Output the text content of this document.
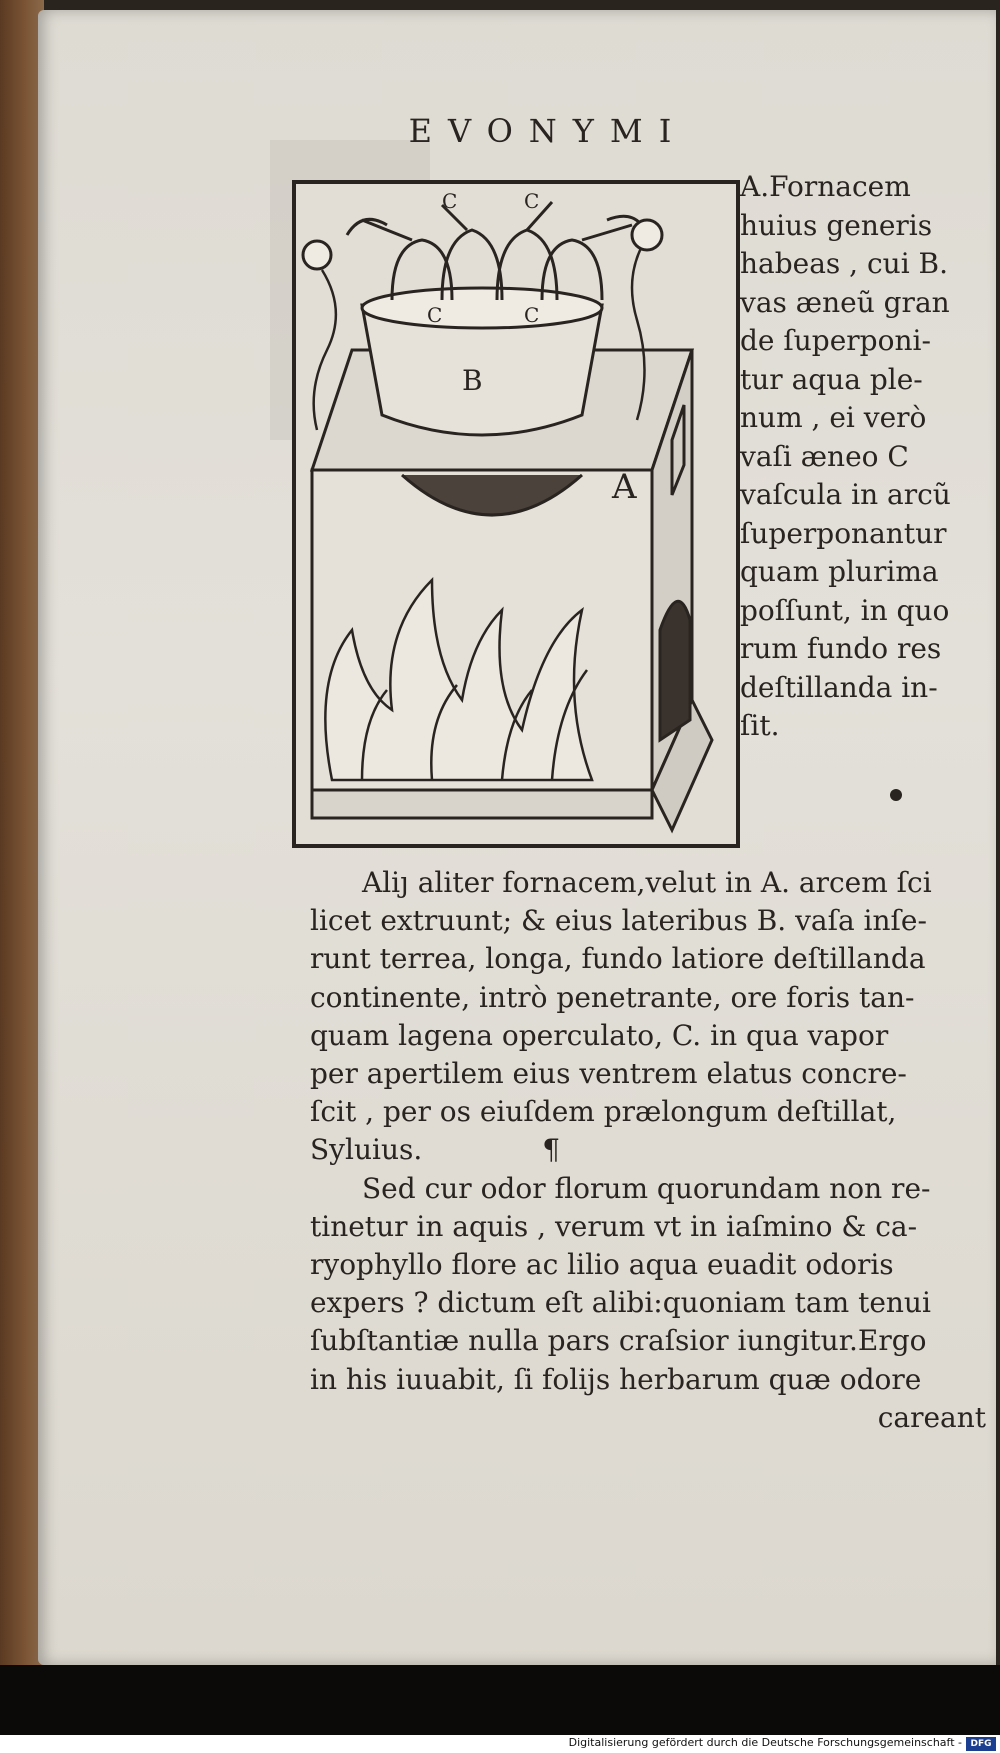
EVONYMI
A
B
C	C
C	C
A.Fornacem
huius generis
habeas , cui B.
vas æneũ gran
de ſuperponi-
tur aqua ple-
num , ei verò
vaſi æneo C
vaſcula in arcũ
ſuperponantur
quam plurima
poſſunt, in quo
rum fundo res
deſtillanda in-
ſit.
Aliȷ aliter fornacem,velut in A. arcem ſci
licet extruunt; & eius lateribus B. vaſa inſe-
runt terrea, longa, fundo latiore deſtillanda
continente, intrò penetrante, ore foris tan-
quam lagena operculato, C. in qua vapor
per apertilem eius ventrem elatus concre-
ſcit , per os eiuſdem prælongum deſtillat,
Syluius.	¶
Sed cur odor florum quorundam non re-
tinetur in aquis , verum vt in iaſmino & ca-
ryophyllo flore ac lilio aqua euadit odoris
expers ? dictum eſt alibi:quoniam tam tenui
ſubſtantiæ nulla pars craſsior iungitur.Ergo
in his iuuabit, ſi folijs herbarum quæ odore
careant
Digitalisierung gefördert durch die Deutsche Forschungsgemeinschaft - DFG
